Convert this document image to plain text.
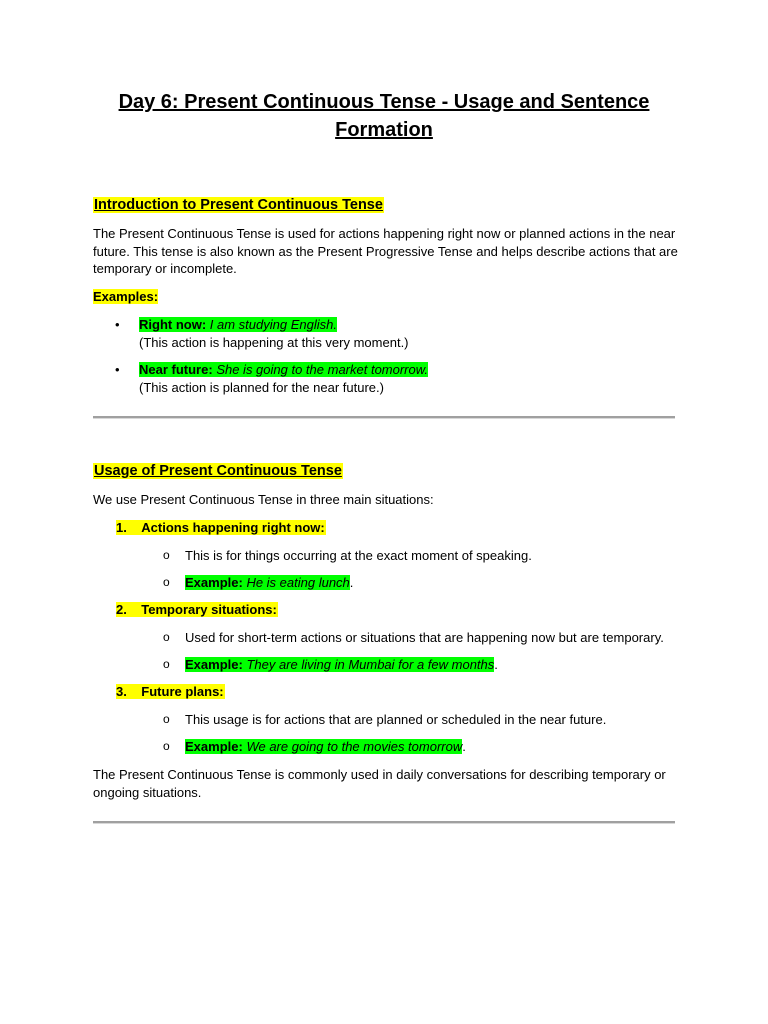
Day 6: Present Continuous Tense - Usage and Sentence Formation
Introduction to Present Continuous Tense
The Present Continuous Tense is used for actions happening right now or planned actions in the near future. This tense is also known as the Present Progressive Tense and helps describe actions that are temporary or incomplete.
Examples:
• Right now: I am studying English.
(This action is happening at this very moment.)
• Near future: She is going to the market tomorrow.
(This action is planned for the near future.)
Usage of Present Continuous Tense
We use Present Continuous Tense in three main situations:
1. Actions happening right now:
o This is for things occurring at the exact moment of speaking.
o Example: He is eating lunch.
2. Temporary situations:
o Used for short-term actions or situations that are happening now but are temporary.
o Example: They are living in Mumbai for a few months.
3. Future plans:
o This usage is for actions that are planned or scheduled in the near future.
o Example: We are going to the movies tomorrow.
The Present Continuous Tense is commonly used in daily conversations for describing temporary or ongoing situations.
